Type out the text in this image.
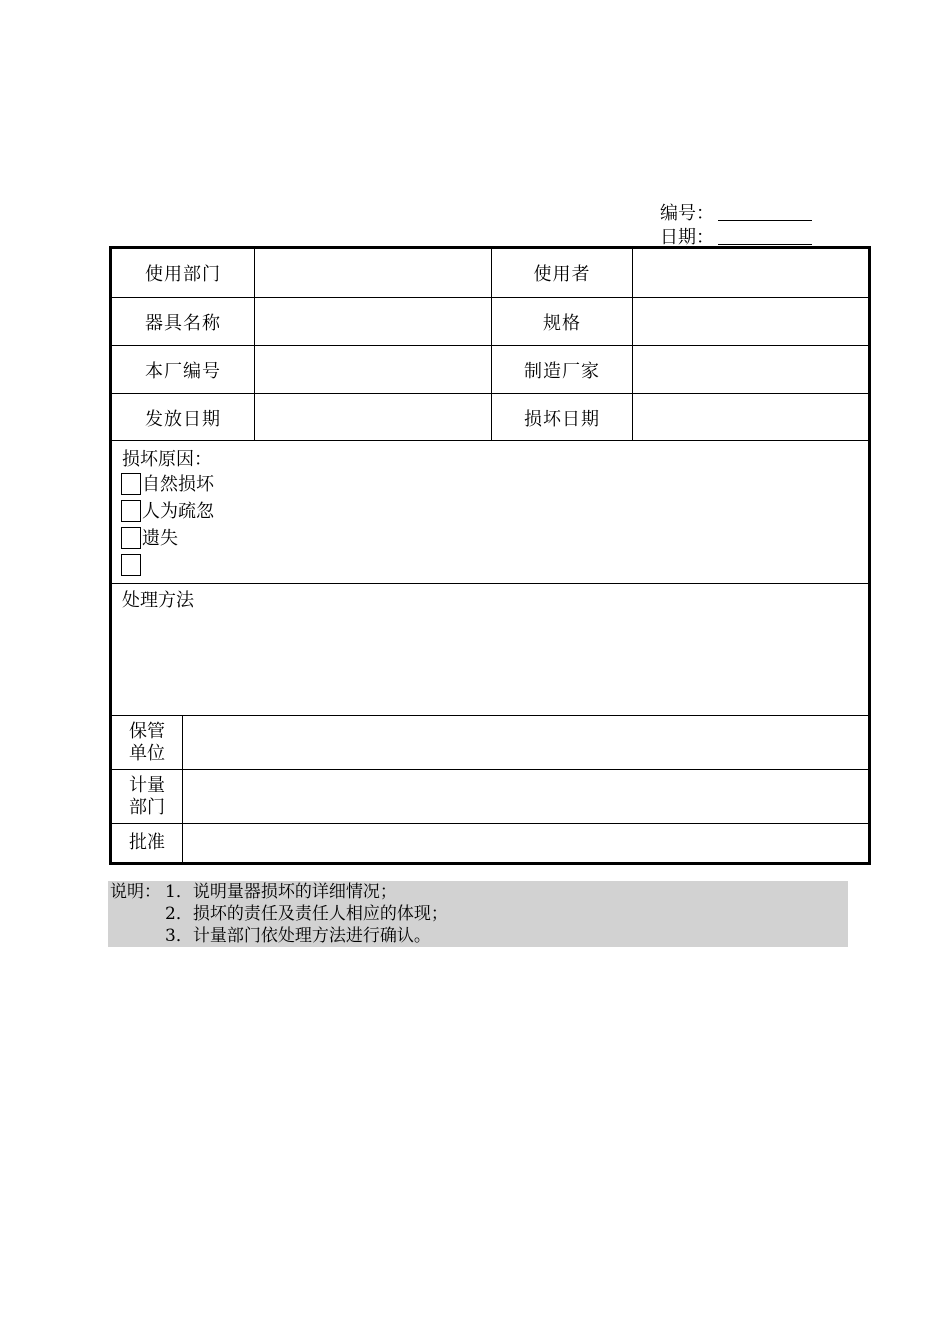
编号：
日期：
使用部门	使用者
器具名称	规格
本厂编号	制造厂家
发放日期	损坏日期
损坏原因：
自然损坏
人为疏忽
遗失
处理方法
保管
单位
计量
部门
批准
说明： 1．说明量器损坏的详细情况；
2．损坏的责任及责任人相应的体现；
3．计量部门依处理方法进行确认。
